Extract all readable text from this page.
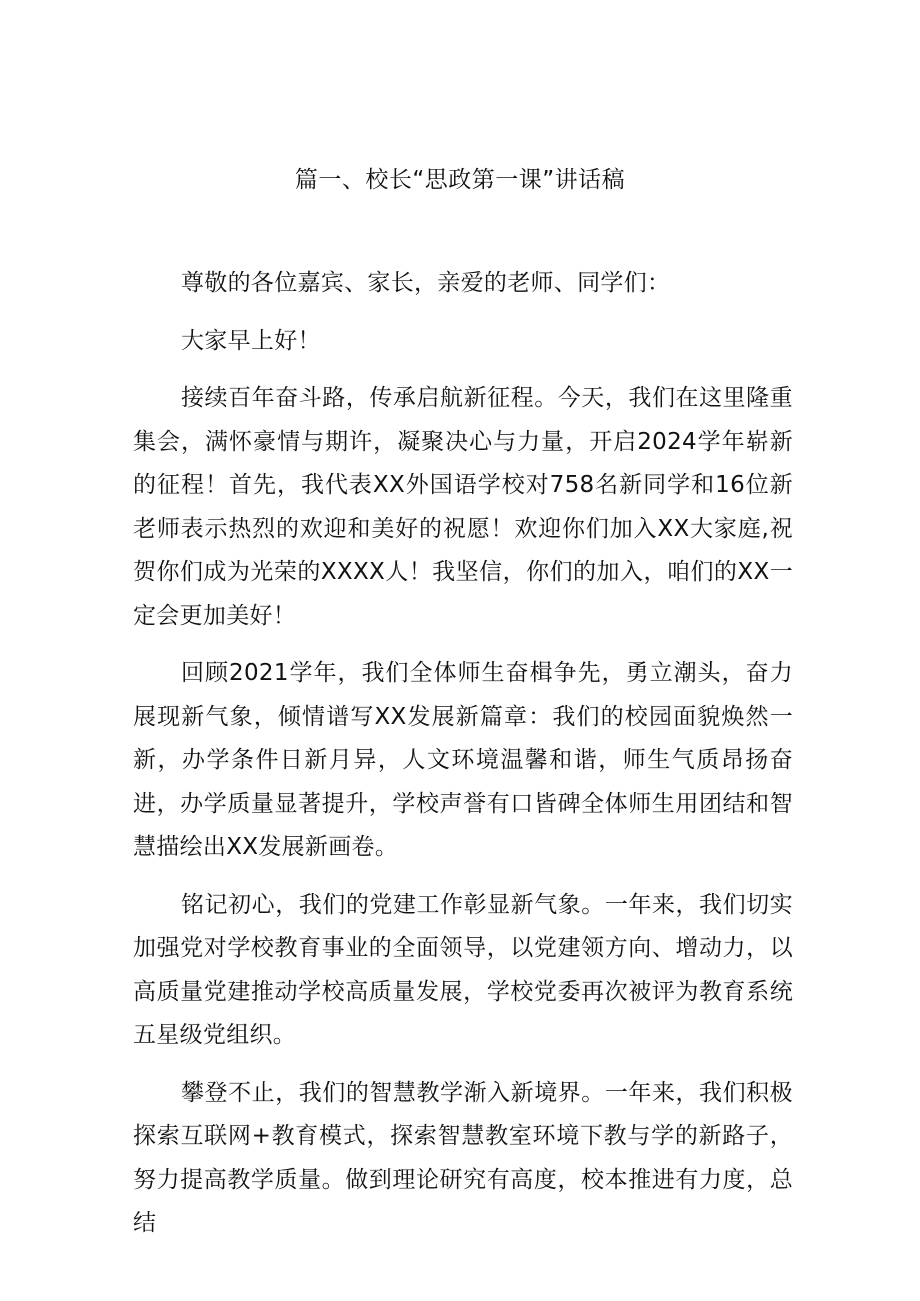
篇一、校长“思政第一课”讲话稿

尊敬的各位嘉宾、家长，亲爱的老师、同学们：

大家早上好！

接续百年奋斗路，传承启航新征程。今天，我们在这里隆重集会，满怀豪情与期许，凝聚决心与力量，开启2024学年崭新的征程！首先，我代表XX外国语学校对758名新同学和16位新老师表示热烈的欢迎和美好的祝愿！欢迎你们加入XX大家庭,祝贺你们成为光荣的XXXX人！我坚信，你们的加入，咱们的XX一定会更加美好！

回顾2021学年，我们全体师生奋楫争先，勇立潮头，奋力展现新气象，倾情谱写XX发展新篇章：我们的校园面貌焕然一新，办学条件日新月异，人文环境温馨和谐，师生气质昂扬奋进，办学质量显著提升，学校声誉有口皆碑全体师生用团结和智慧描绘出XX发展新画卷。

铭记初心，我们的党建工作彰显新气象。一年来，我们切实加强党对学校教育事业的全面领导，以党建领方向、增动力，以高质量党建推动学校高质量发展，学校党委再次被评为教育系统五星级党组织。

攀登不止，我们的智慧教学渐入新境界。一年来，我们积极探索互联网+教育模式，探索智慧教室环境下教与学的新路子，努力提高教学质量。做到理论研究有高度，校本推进有力度，总结
